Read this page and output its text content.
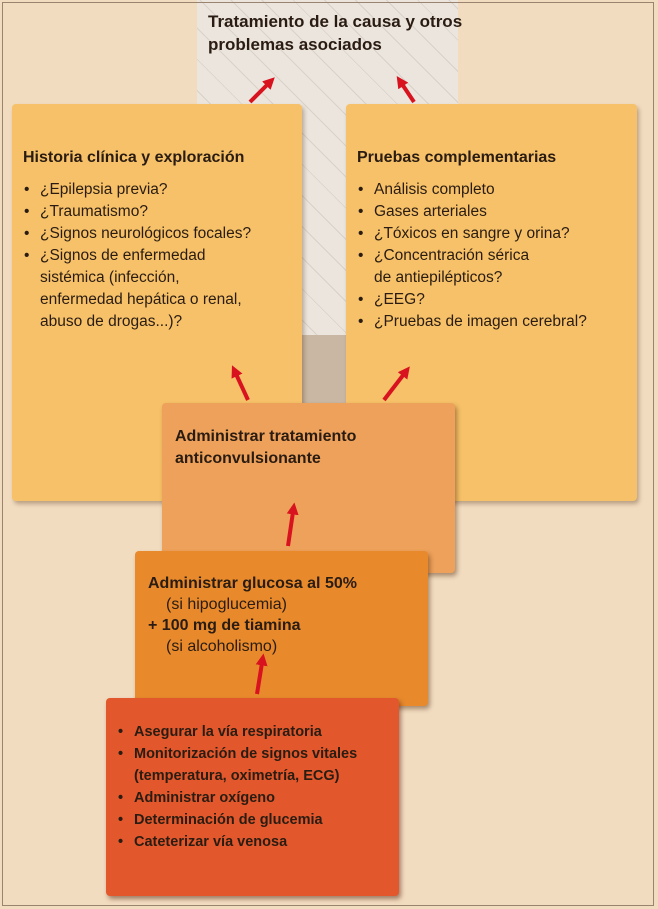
Tratamiento de la causa y otros
problemas asociados
Historia clínica y exploración
• ¿Epilepsia previa?
• ¿Traumatismo?
• ¿Signos neurológicos focales?
• ¿Signos de enfermedad
sistémica (infección,
enfermedad hepática o renal,
abuso de drogas...)?
Pruebas complementarias
• Análisis completo
• Gases arteriales
• ¿Tóxicos en sangre y orina?
• ¿Concentración sérica
de antiepilépticos?
• ¿EEG?
• ¿Pruebas de imagen cerebral?
Administrar tratamiento
anticonvulsionante
Administrar glucosa al 50%
(si hipoglucemia)
+ 100 mg de tiamina
(si alcoholismo)
• Asegurar la vía respiratoria
• Monitorización de signos vitales
(temperatura, oximetría, ECG)
• Administrar oxígeno
• Determinación de glucemia
• Cateterizar vía venosa
